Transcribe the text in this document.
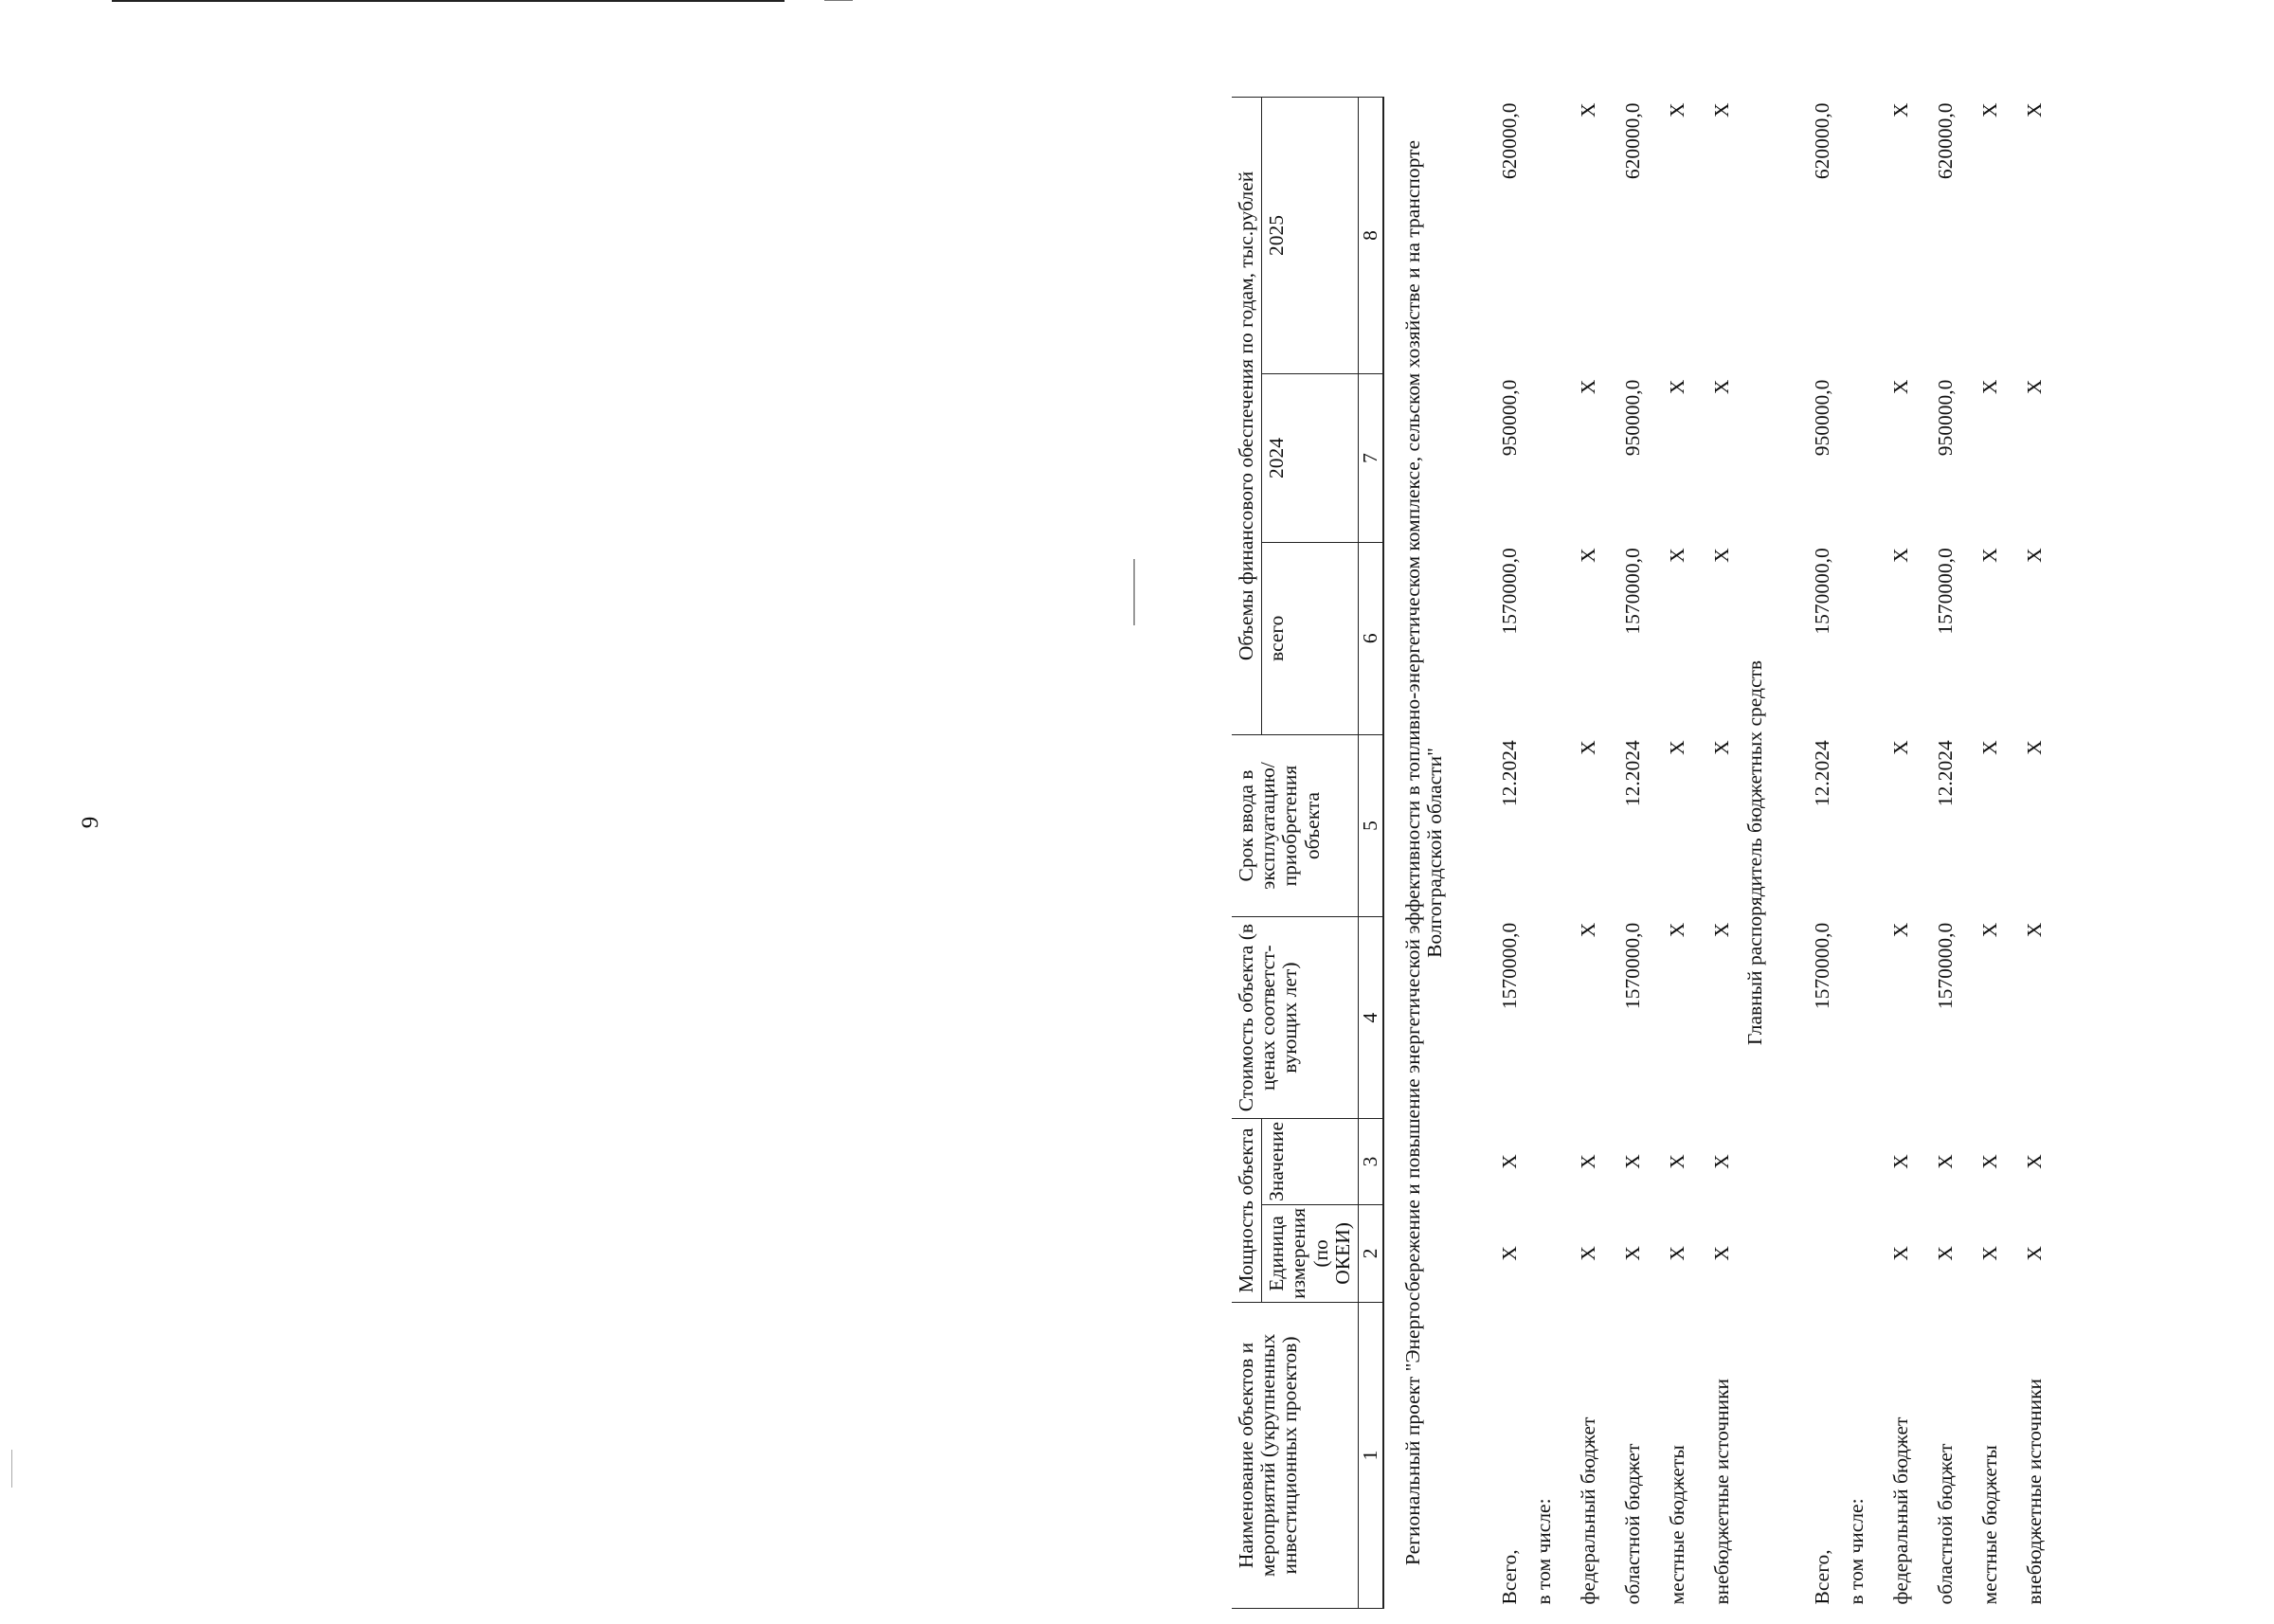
9
Наименование объектов и мероприятий (укрупненных инвестиционных проектов)	Мощность объекта		Стоимость объекта (в ценах соответст-вующих лет)	Срок ввода в эксплуатацию/ приобретения объекта	Объемы финансового обеспечения по годам, тыс.рублей		
	Единица измерения (по ОКЕИ)	Значение			всего	2024	2025
1	2	3	4	5	6	7	8
Региональный проект "Энергосбережение и повышение энергетической эффективности в топливно-энергетическом комплексе, сельском хозяйстве и на транспорте Волгоградской области"							
Всего,	Х	Х	1570000,0	12.2024	1570000,0	950000,0	620000,0
в том числе:							
федеральный бюджет	Х	Х	Х	Х	Х	Х	Х
областной бюджет	Х	Х	1570000,0	12.2024	1570000,0	950000,0	620000,0
местные бюджеты	Х	Х	Х	Х	Х	Х	Х
внебюджетные источники	Х	Х	Х	Х	Х	Х	Х
Главный распорядитель бюджетных средств							
Всего,			1570000,0	12.2024	1570000,0	950000,0	620000,0
в том числе:							
федеральный бюджет	Х	Х	Х	Х	Х	Х	Х
областной бюджет	Х	Х	1570000,0	12.2024	1570000,0	950000,0	620000,0
местные бюджеты	Х	Х	Х	Х	Х	Х	Х
внебюджетные источники	Х	Х	Х	Х	Х	Х	Х
